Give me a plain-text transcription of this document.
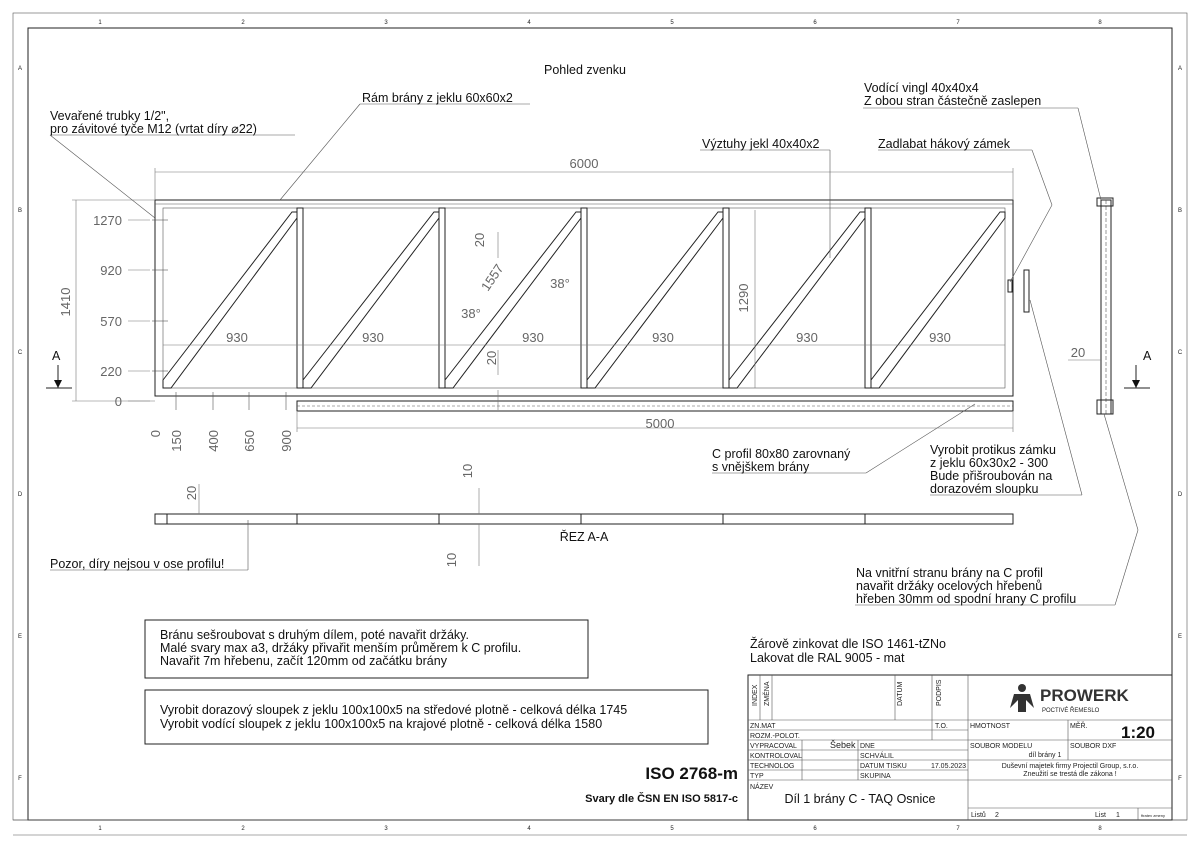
1	2	3	4	5	6	7	8
1	2	3	4	5	6	7	8
A
B
C
D
E
F
A
B
C
D
E
F
Pohled zvenku
6000
5000
930	930	930	930	930	930
1557	38°
38°
1290
1410
20
20
1270
920
570
220
0
0 150 400 650 900
A	A
20
20
10
10
ŘEZ A-A
Vevařené trubky 1/2",
pro závitové tyče M12 (vrtat díry ⌀22)
Rám brány z jeklu 60x60x2
Výztuhy jekl 40x40x2	Zadlabat hákový zámek
Vodící vingl 40x40x4
Z obou stran částečně zaslepen
C profil 80x80 zarovnaný
s vnějškem brány
Vyrobit protikus zámku
z jeklu 60x30x2 - 300
Bude přišroubován na
dorazovém sloupku
Pozor, díry nejsou v ose profilu!
Na vnitřní stranu brány na C profil
navařit držáky ocelových hřebenů
hřeben 30mm od spodní hrany C profilu
Bránu sešroubovat s druhým dílem, poté navařit držáky.
Malé svary max a3, držáky přivařit menším průměrem k C profilu.
Navařit 7m hřebenu, začít 120mm od začátku brány
Vyrobit dorazový sloupek z jeklu 100x100x5 na středové plotně - celková délka 1745
Vyrobit vodící sloupek z jeklu 100x100x5 na krajové plotně - celková délka 1580
Žárově zinkovat dle ISO 1461-tZNo
Lakovat dle RAL 9005 - mat
ISO 2768-m
Svary dle ČSN EN ISO 5817-c
INDEX ZMĚNA	DATUM	PODPIS	PROWERK
POCTIVÉ ŘEMESLO
ZN.MAT
ROZM.-POLOT.
T.O.	HMOTNOST	MĚŘ. 1:20
VYPRACOVAL	Šebek DNE	SOUBOR MODELU
díl brány 1
SOUBOR DXF
KONTROLOVAL	SCHVÁLIL
TECHNOLOG	DATUM TISKU	17.05.2023	Duševní majetek firmy Projectil Group, s.r.o.
Zneužití se trestá dle zákona !
TYP	SKUPINA
NÁZEV
Díl 1 brány C - TAQ Osnice
Listů 2	List 1	ftratev zmeny
